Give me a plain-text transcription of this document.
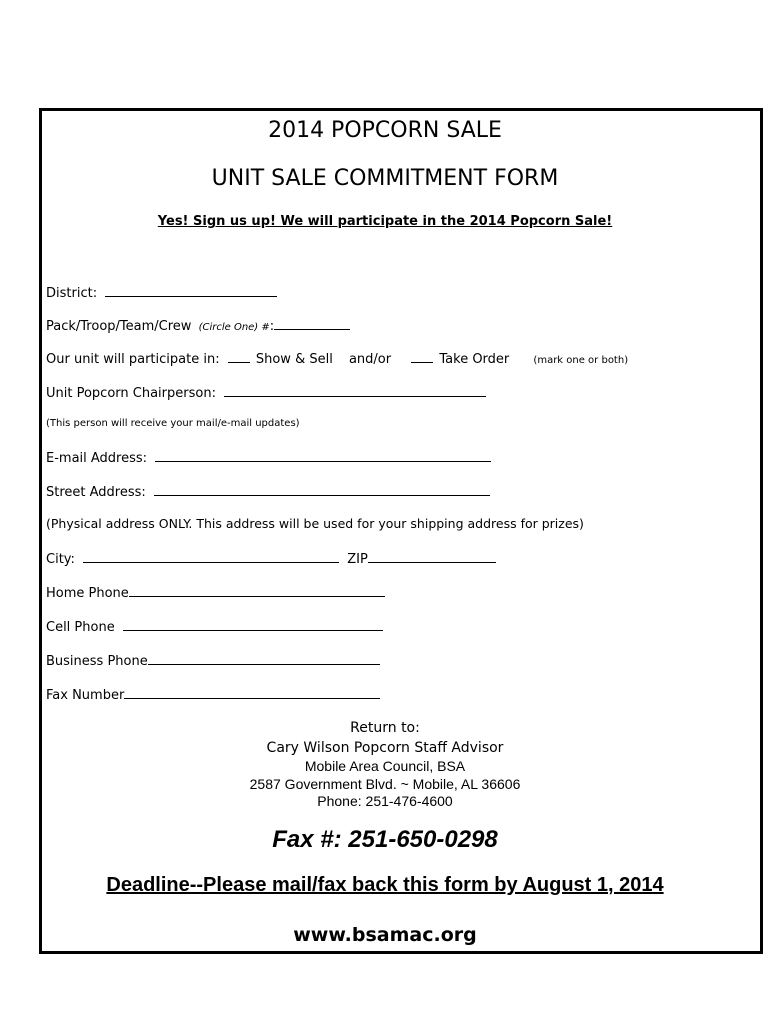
2014 POPCORN SALE
UNIT SALE COMMITMENT FORM
Yes! Sign us up! We will participate in the 2014 Popcorn Sale!
District:
Pack/Troop/Team/Crew (Circle One) #:
Our unit will participate in:	Show & Sell and/or	Take Order (mark one or both)
Unit Popcorn Chairperson:
(This person will receive your mail/e-mail updates)
E-mail Address:
Street Address:
(Physical address ONLY. This address will be used for your shipping address for prizes)
City:	ZIP
Home Phone
Cell Phone
Business Phone
Fax Number
Return to:
Cary Wilson Popcorn Staff Advisor
Mobile Area Council, BSA
2587 Government Blvd. ~ Mobile, AL 36606
Phone: 251-476-4600
Fax #: 251-650-0298
Deadline--Please mail/fax back this form by August 1, 2014
www.bsamac.org
